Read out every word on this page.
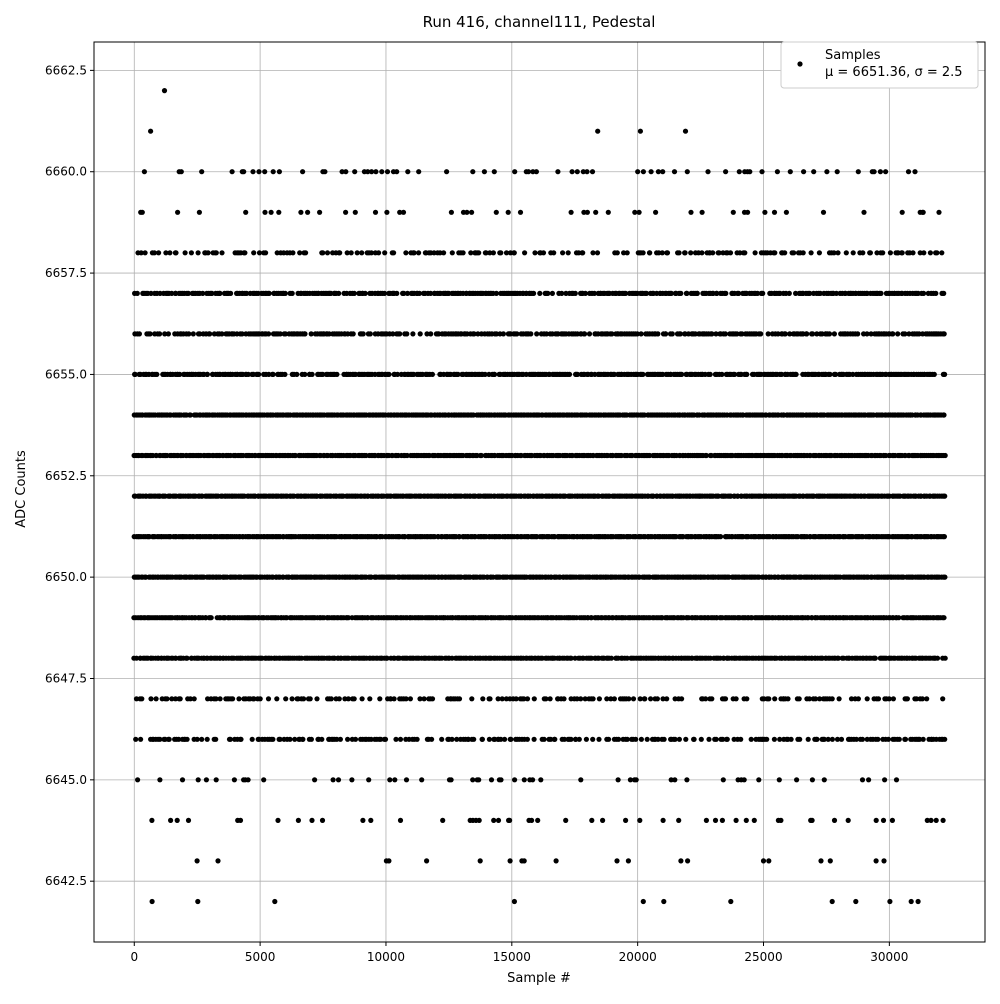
0	5000	10000	15000	20000	25000	30000
6642.5
6645.0
6647.5
6650.0
6652.5
6655.0
6657.5
6660.0
6662.5
Run 416, channel111, Pedestal
Sample #
ADC Counts
Samples
μ = 6651.36, σ = 2.5
